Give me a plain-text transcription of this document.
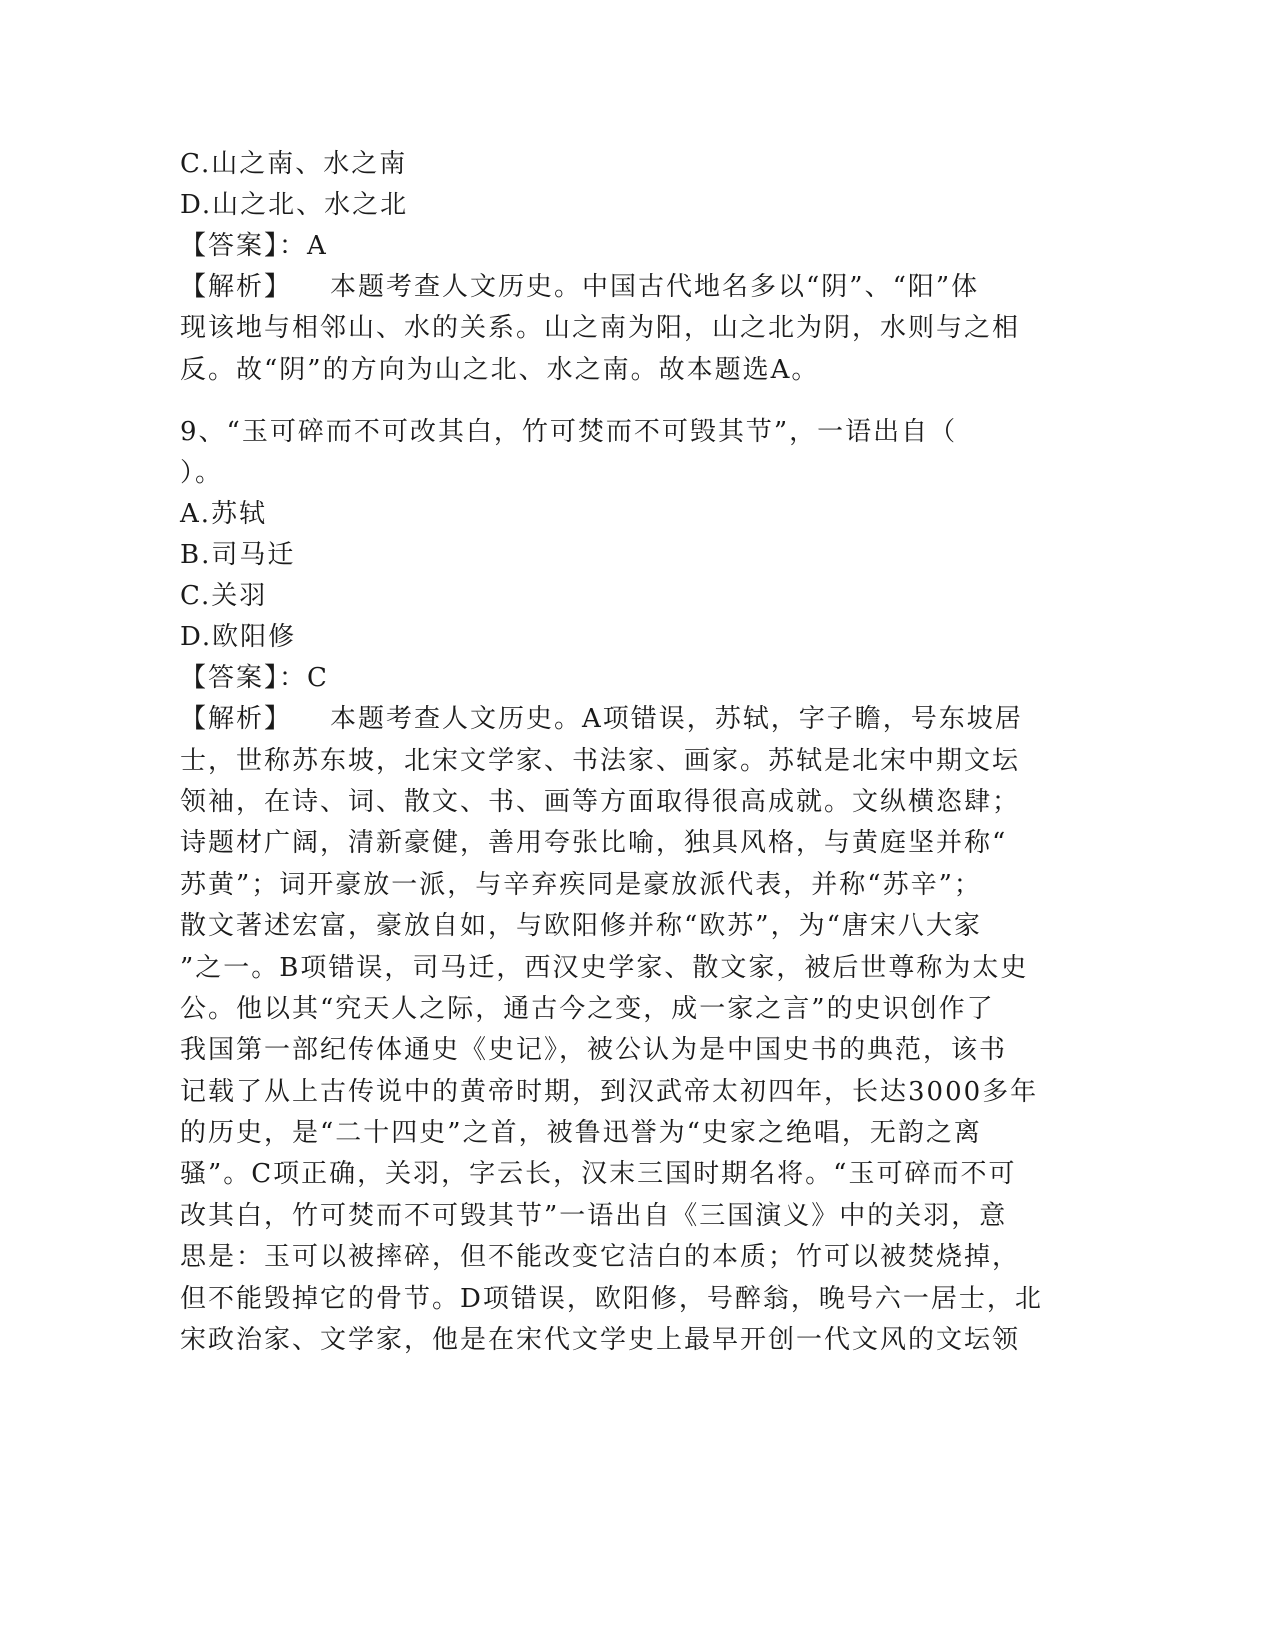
C.山之南、水之南
D.山之北、水之北
【答案】：A
【解析】 本题考查人文历史。中国古代地名多以“阴”、“阳”体
现该地与相邻山、水的关系。山之南为阳，山之北为阴，水则与之相
反。故“阴”的方向为山之北、水之南。故本题选A。
9、“玉可碎而不可改其白，竹可焚而不可毁其节”，一语出自（
）。
A.苏轼
B.司马迁
C.关羽
D.欧阳修
【答案】：C
【解析】 本题考查人文历史。A项错误，苏轼，字子瞻，号东坡居
士，世称苏东坡，北宋文学家、书法家、画家。苏轼是北宋中期文坛
领袖，在诗、词、散文、书、画等方面取得很高成就。文纵横恣肆；
诗题材广阔，清新豪健，善用夸张比喻，独具风格，与黄庭坚并称“
苏黄”；词开豪放一派，与辛弃疾同是豪放派代表，并称“苏辛”；
散文著述宏富，豪放自如，与欧阳修并称“欧苏”，为“唐宋八大家
”之一。B项错误，司马迁，西汉史学家、散文家，被后世尊称为太史
公。他以其“究天人之际，通古今之变，成一家之言”的史识创作了
我国第一部纪传体通史《史记》，被公认为是中国史书的典范，该书
记载了从上古传说中的黄帝时期，到汉武帝太初四年，长达3000多年
的历史，是“二十四史”之首，被鲁迅誉为“史家之绝唱，无韵之离
骚”。C项正确，关羽，字云长，汉末三国时期名将。“玉可碎而不可
改其白，竹可焚而不可毁其节”一语出自《三国演义》中的关羽，意
思是：玉可以被摔碎，但不能改变它洁白的本质；竹可以被焚烧掉，
但不能毁掉它的骨节。D项错误，欧阳修，号醉翁，晚号六一居士，北
宋政治家、文学家，他是在宋代文学史上最早开创一代文风的文坛领
